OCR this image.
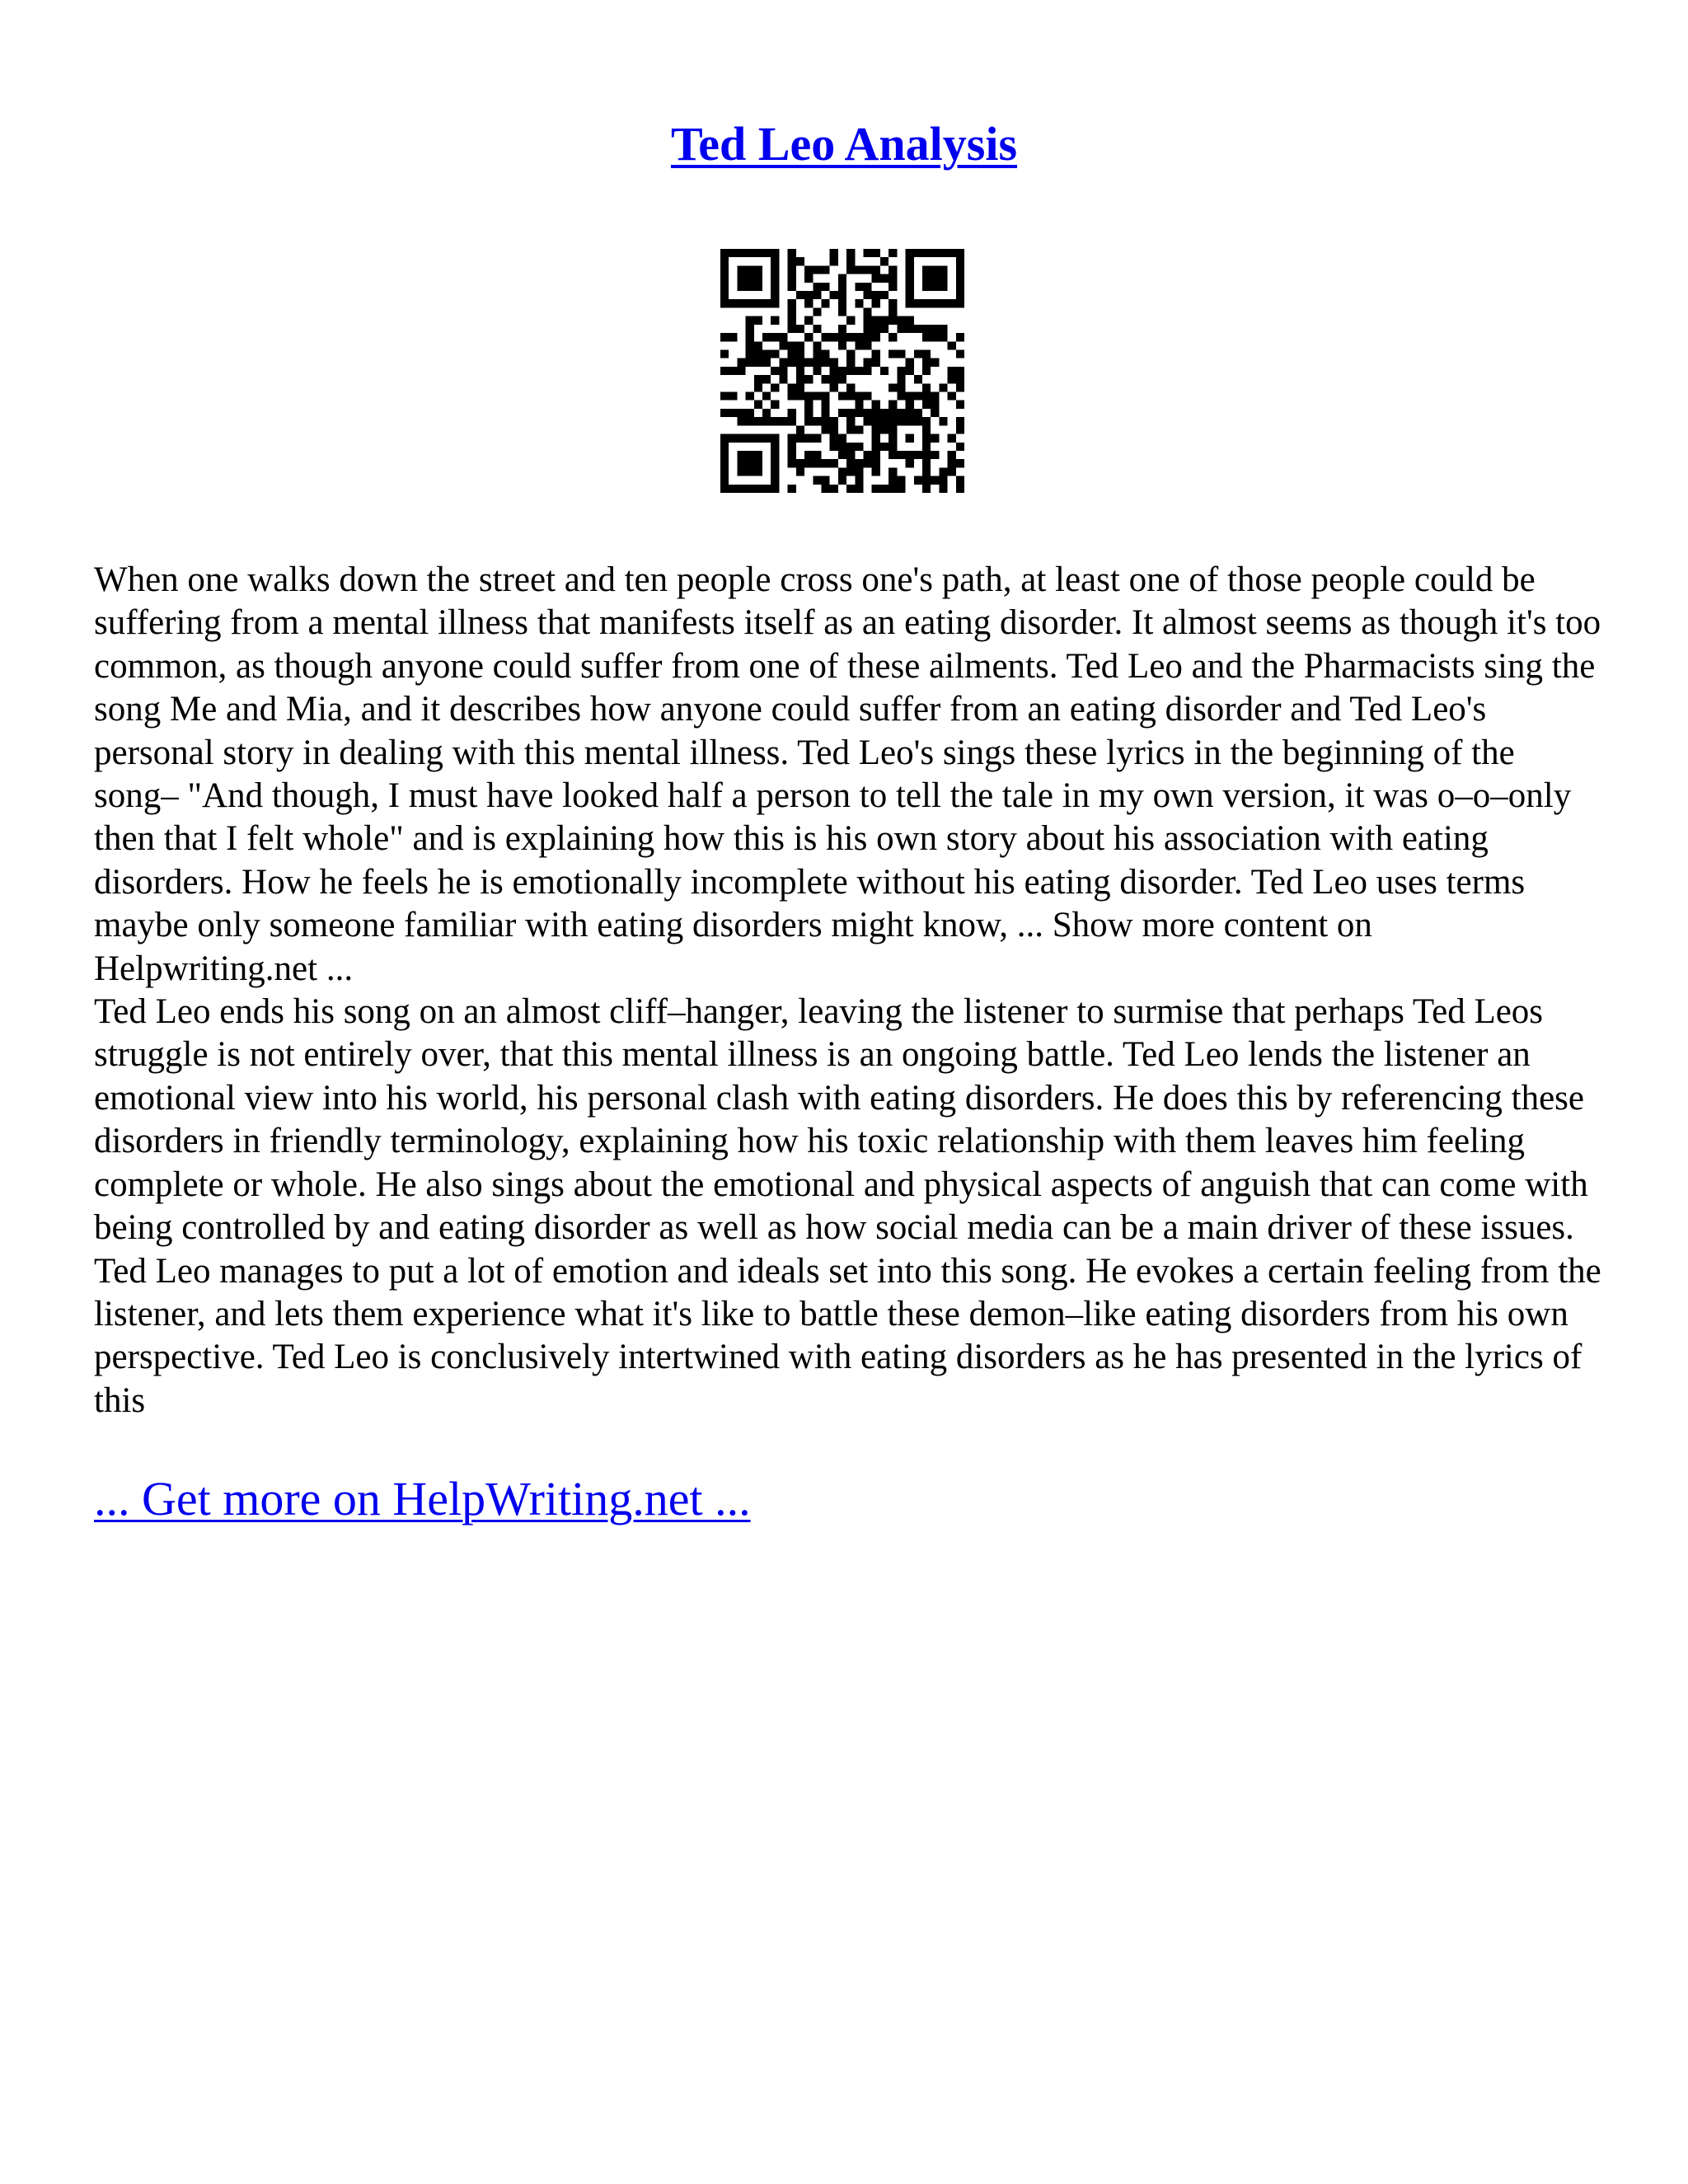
Ted Leo Analysis

When one walks down the street and ten people cross one's path, at least one of those people could be suffering from a mental illness that manifests itself as an eating disorder. It almost seems as though it's too common, as though anyone could suffer from one of these ailments. Ted Leo and the Pharmacists sing the song Me and Mia, and it describes how anyone could suffer from an eating disorder and Ted Leo's personal story in dealing with this mental illness. Ted Leo's sings these lyrics in the beginning of the song– "And though, I must have looked half a person to tell the tale in my own version, it was o–o–only then that I felt whole" and is explaining how this is his own story about his association with eating disorders. How he feels he is emotionally incomplete without his eating disorder. Ted Leo uses terms maybe only someone familiar with eating disorders might know, ... Show more content on Helpwriting.net ...

Ted Leo ends his song on an almost cliff–hanger, leaving the listener to surmise that perhaps Ted Leos struggle is not entirely over, that this mental illness is an ongoing battle. Ted Leo lends the listener an emotional view into his world, his personal clash with eating disorders. He does this by referencing these disorders in friendly terminology, explaining how his toxic relationship with them leaves him feeling complete or whole. He also sings about the emotional and physical aspects of anguish that can come with being controlled by and eating disorder as well as how social media can be a main driver of these issues. Ted Leo manages to put a lot of emotion and ideals set into this song. He evokes a certain feeling from the listener, and lets them experience what it's like to battle these demon–like eating disorders from his own perspective. Ted Leo is conclusively intertwined with eating disorders as he has presented in the lyrics of this

... Get more on HelpWriting.net ...
